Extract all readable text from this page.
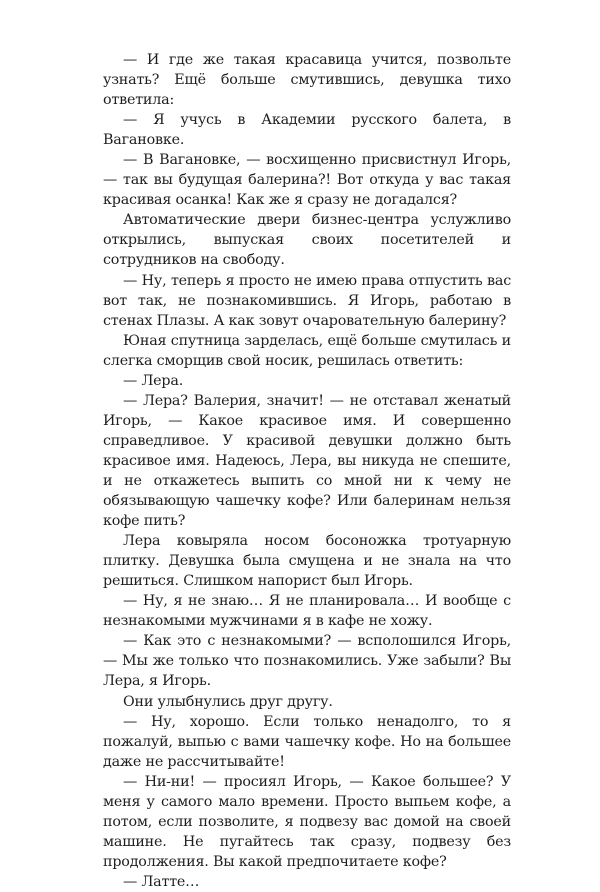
— И где же такая красавица учится, позвольте узнать? Ещё больше смутившись, девушка тихо ответила:

— Я учусь в Академии русского балета, в Вагановке.

— В Вагановке, — восхищенно присвистнул Игорь, — так вы будущая балерина?! Вот откуда у вас такая красивая осанка! Как же я сразу не догадался?

Автоматические двери бизнес-центра услужливо открылись, выпуская своих посетителей и сотрудников на свободу.

— Ну, теперь я просто не имею права отпустить вас вот так, не познакомившись. Я Игорь, работаю в стенах Плазы. А как зовут очаровательную балерину?

Юная спутница зарделась, ещё больше смутилась и слегка сморщив свой носик, решилась ответить:

— Лера.

— Лера? Валерия, значит! — не отставал женатый Игорь, — Какое красивое имя. И совершенно справедливое. У красивой девушки должно быть красивое имя. Надеюсь, Лера, вы никуда не спешите, и не откажетесь выпить со мной ни к чему не обязывающую чашечку кофе? Или балеринам нельзя кофе пить?

Лера ковыряла носом босоножка тротуарную плитку. Девушка была смущена и не знала на что решиться. Слишком напорист был Игорь.

— Ну, я не знаю… Я не планировала… И вообще с незнакомыми мужчинами я в кафе не хожу.

— Как это с незнакомыми? — всполошился Игорь, — Мы же только что познакомились. Уже забыли? Вы Лера, я Игорь.

Они улыбнулись друг другу.

— Ну, хорошо. Если только ненадолго, то я пожалуй, выпью с вами чашечку кофе. Но на большее даже не рассчитывайте!

— Ни-ни! — просиял Игорь, — Какое большее? У меня у самого мало времени. Просто выпьем кофе, а потом, если позволите, я подвезу вас домой на своей машине. Не пугайтесь так сразу, подвезу без продолжения. Вы какой предпочитаете кофе?

— Латте…
